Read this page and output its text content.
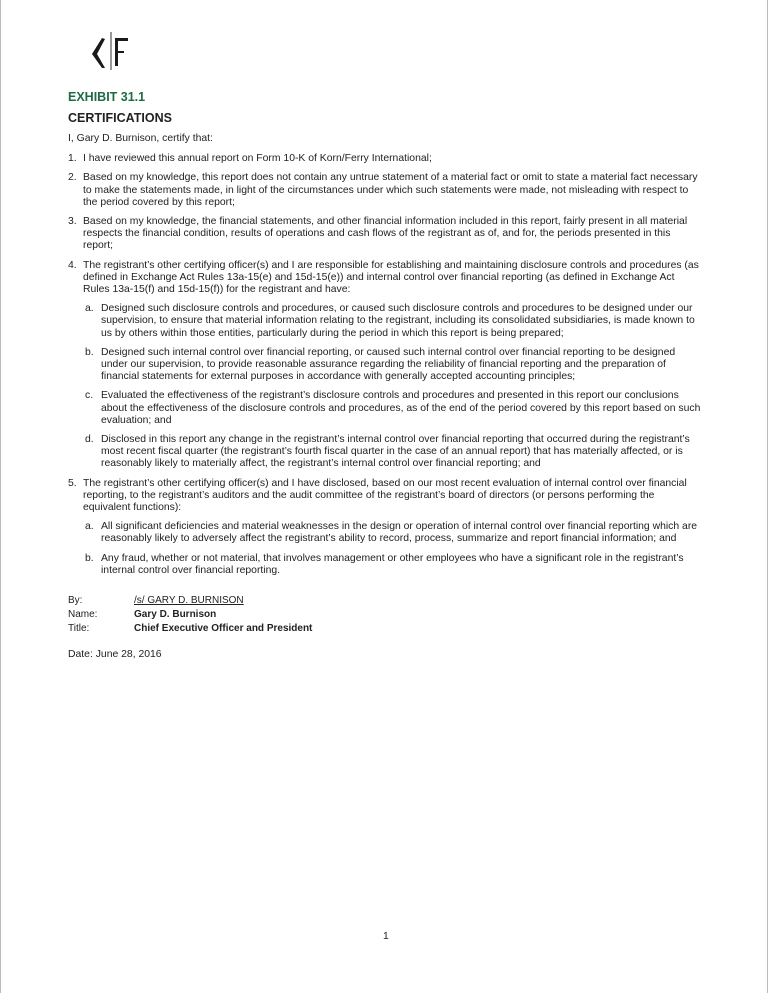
EXHIBIT 31.1
CERTIFICATIONS
I, Gary D. Burnison, certify that:
1. I have reviewed this annual report on Form 10-K of Korn/Ferry International;
2. Based on my knowledge, this report does not contain any untrue statement of a material fact or omit to state a material fact necessary to make the statements made, in light of the circumstances under which such statements were made, not misleading with respect to the period covered by this report;
3. Based on my knowledge, the financial statements, and other financial information included in this report, fairly present in all material respects the financial condition, results of operations and cash flows of the registrant as of, and for, the periods presented in this report;
4. The registrant’s other certifying officer(s) and I are responsible for establishing and maintaining disclosure controls and procedures (as defined in Exchange Act Rules 13a-15(e) and 15d-15(e)) and internal control over financial reporting (as defined in Exchange Act Rules 13a-15(f) and 15d-15(f)) for the registrant and have:
a. Designed such disclosure controls and procedures, or caused such disclosure controls and procedures to be designed under our supervision, to ensure that material information relating to the registrant, including its consolidated subsidiaries, is made known to us by others within those entities, particularly during the period in which this report is being prepared;
b. Designed such internal control over financial reporting, or caused such internal control over financial reporting to be designed under our supervision, to provide reasonable assurance regarding the reliability of financial reporting and the preparation of financial statements for external purposes in accordance with generally accepted accounting principles;
c. Evaluated the effectiveness of the registrant’s disclosure controls and procedures and presented in this report our conclusions about the effectiveness of the disclosure controls and procedures, as of the end of the period covered by this report based on such evaluation; and
d. Disclosed in this report any change in the registrant’s internal control over financial reporting that occurred during the registrant’s most recent fiscal quarter (the registrant’s fourth fiscal quarter in the case of an annual report) that has materially affected, or is reasonably likely to materially affect, the registrant’s internal control over financial reporting; and
5. The registrant’s other certifying officer(s) and I have disclosed, based on our most recent evaluation of internal control over financial reporting, to the registrant’s auditors and the audit committee of the registrant’s board of directors (or persons performing the equivalent functions):
a. All significant deficiencies and material weaknesses in the design or operation of internal control over financial reporting which are reasonably likely to adversely affect the registrant’s ability to record, process, summarize and report financial information; and
b. Any fraud, whether or not material, that involves management or other employees who have a significant role in the registrant’s internal control over financial reporting.
By:	/s/ GARY D. BURNISON
Name:	Gary D. Burnison
Title:	Chief Executive Officer and President
Date: June 28, 2016
1
